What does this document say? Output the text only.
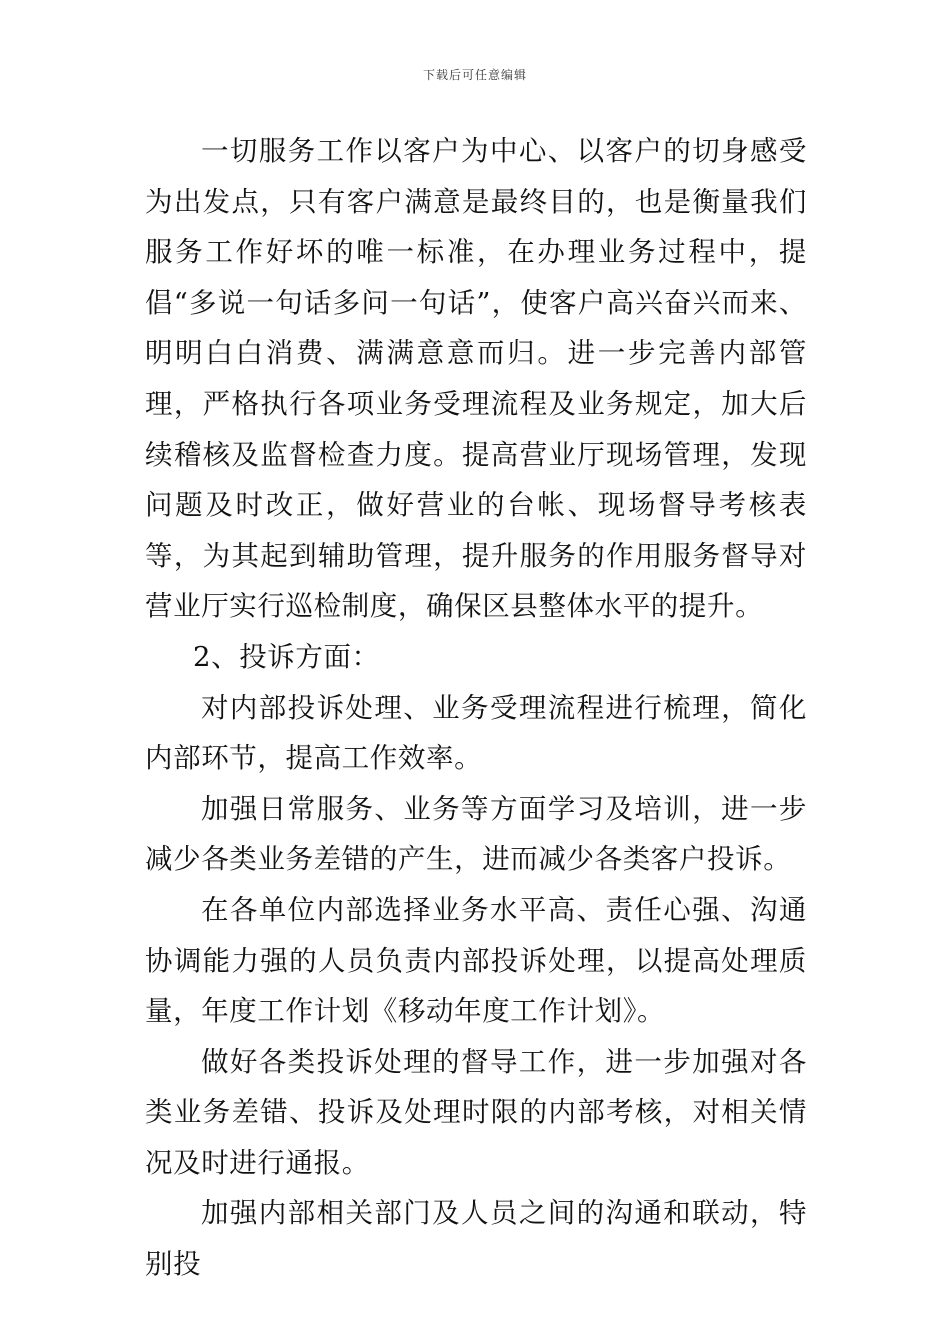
下载后可任意编辑

一切服务工作以客户为中心、以客户的切身感受为出发点，只有客户满意是最终目的，也是衡量我们服务工作好坏的唯一标准，在办理业务过程中，提倡“多说一句话多问一句话”，使客户高兴奋兴而来、明明白白消费、满满意意而归。进一步完善内部管理，严格执行各项业务受理流程及业务规定，加大后续稽核及监督检查力度。提高营业厅现场管理，发现问题及时改正，做好营业的台帐、现场督导考核表等，为其起到辅助管理，提升服务的作用服务督导对营业厅实行巡检制度，确保区县整体水平的提升。

2、投诉方面：

对内部投诉处理、业务受理流程进行梳理，简化内部环节，提高工作效率。

加强日常服务、业务等方面学习及培训，进一步减少各类业务差错的产生，进而减少各类客户投诉。

在各单位内部选择业务水平高、责任心强、沟通协调能力强的人员负责内部投诉处理，以提高处理质量，年度工作计划《移动年度工作计划》。

做好各类投诉处理的督导工作，进一步加强对各类业务差错、投诉及处理时限的内部考核，对相关情况及时进行通报。

加强内部相关部门及人员之间的沟通和联动，特别投
